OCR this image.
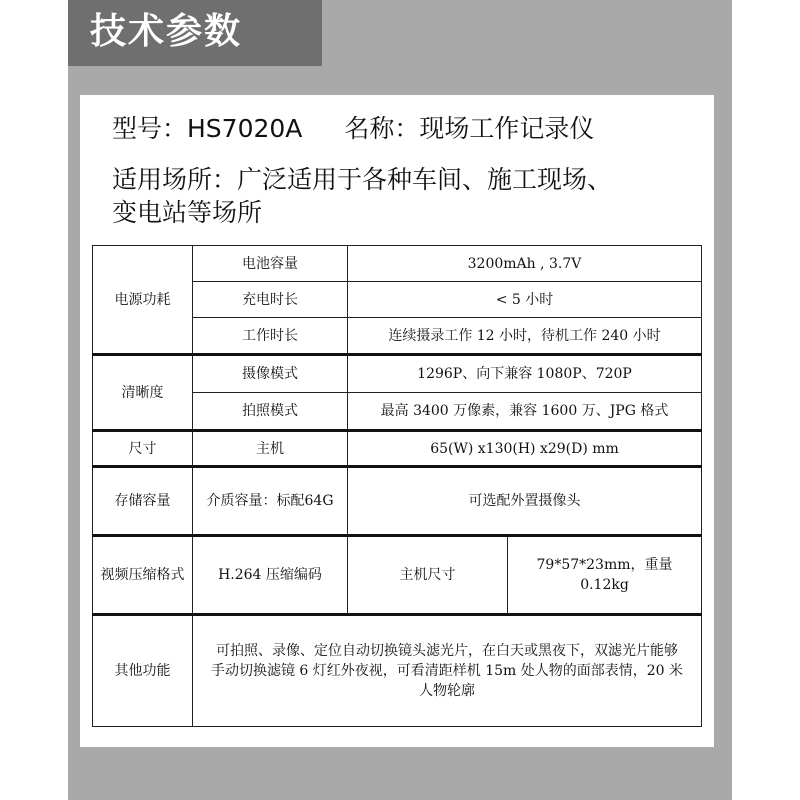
技术参数
型号：HS7020A 名称：现场工作记录仪
适用场所：广泛适用于各种车间、施工现场、
变电站等场所
电源功耗	电池容量	3200mAh , 3.7V	
	充电时长	< 5 小时	
	工作时长	连续摄录工作 12 小时，待机工作 240 小时	
清晰度	摄像模式	1296P、向下兼容 1080P、720P	
	拍照模式	最高 3400 万像素，兼容 1600 万、JPG 格式	
尺寸	主机	65(W) x130(H) x29(D) mm	
存储容量	介质容量：标配64G	可选配外置摄像头	
视频压缩格式	H.264 压缩编码	主机尺寸	79*57*23mm，重量 0.12kg
其他功能	可拍照、录像、定位自动切换镜头滤光片，在白天或黑夜下，双滤光片能够
手动切换滤镜 6 灯红外夜视，可看清距样机 15m 处人物的面部表情，20 米
人物轮廓		
